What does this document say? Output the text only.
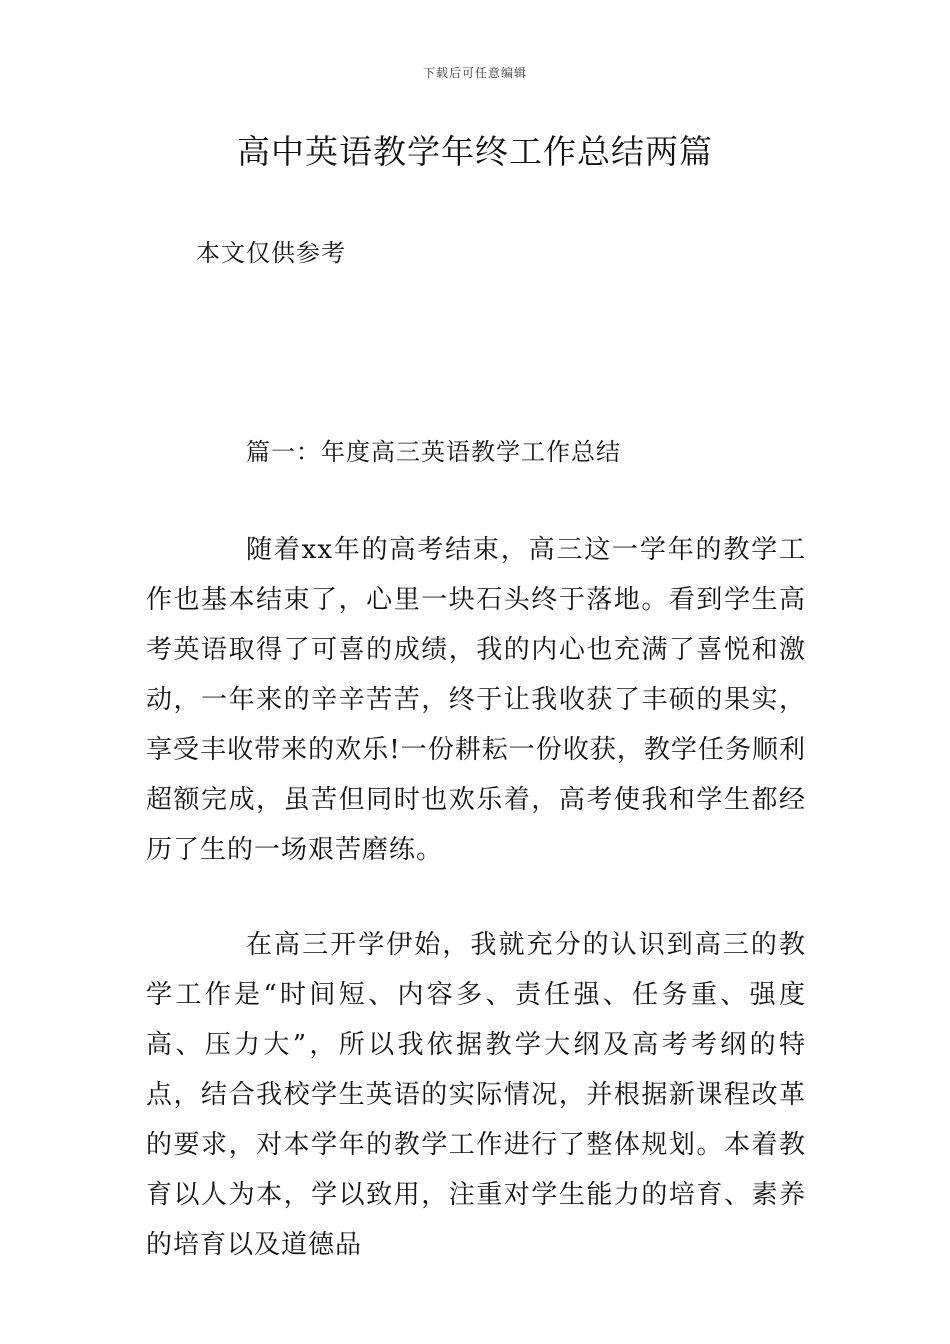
下载后可任意编辑
高中英语教学年终工作总结两篇
本文仅供参考
篇一：年度高三英语教学工作总结

随着xx年的高考结束，高三这一学年的教学工作也基本结束了，心里一块石头终于落地。看到学生高考英语取得了可喜的成绩，我的内心也充满了喜悦和激动，一年来的辛辛苦苦，终于让我收获了丰硕的果实，享受丰收带来的欢乐!一份耕耘一份收获，教学任务顺利超额完成，虽苦但同时也欢乐着，高考使我和学生都经历了生的一场艰苦磨练。

在高三开学伊始，我就充分的认识到高三的教学工作是“时间短、内容多、责任强、任务重、强度高、压力大”，所以我依据教学大纲及高考考纲的特点，结合我校学生英语的实际情况，并根据新课程改革的要求，对本学年的教学工作进行了整体规划。本着教育以人为本，学以致用，注重对学生能力的培育、素养的培育以及道德品
